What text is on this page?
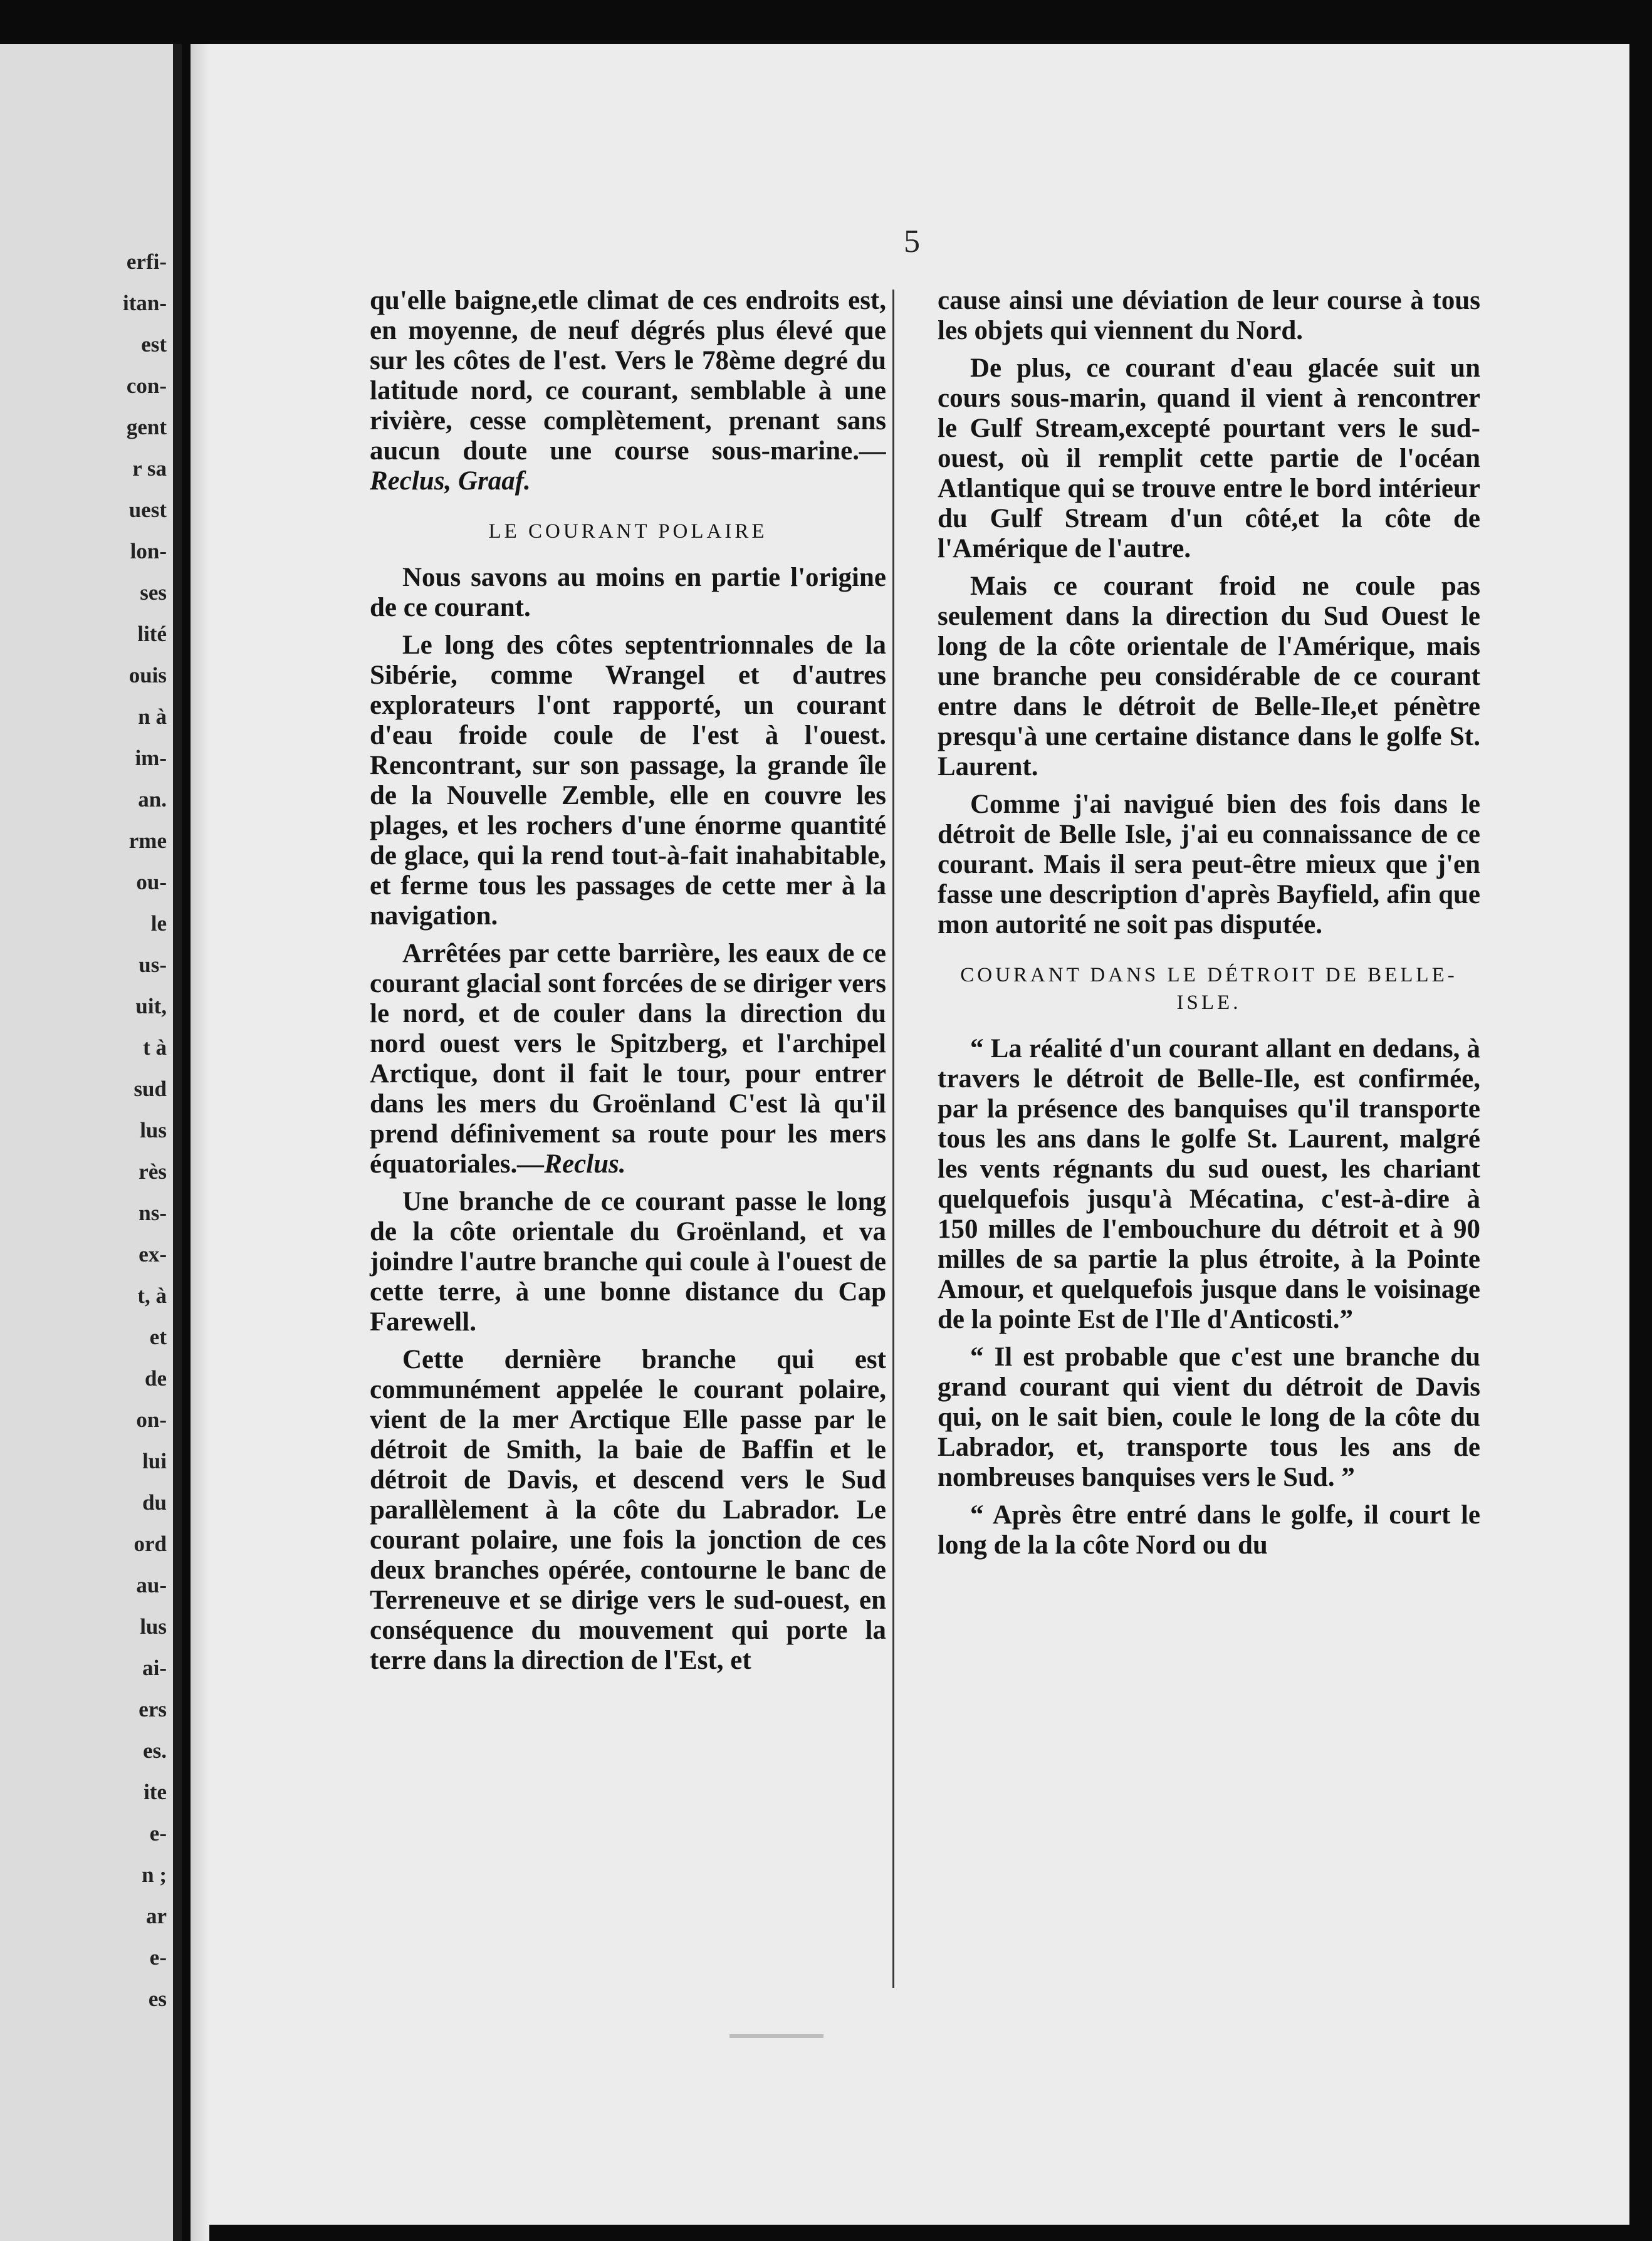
erfi-
itan-
est
con-
gent
r sa
uest
lon-
ses
lité
ouis
n à
im-
an.
rme
ou-
le
us-
uit,
t à
sud
lus
rès
ns-
ex-
t, à
et
de
on-
lui
du
ord
au-
lus
ai-
ers
es.
ite
e-
n ;
ar
e-
es
5

qu'elle baigne,etle climat de ces endroits est, en moyenne, de neuf dégrés plus élevé que sur les côtes de l'est. Vers le 78ème degré du latitude nord, ce courant, semblable à une rivière, cesse complètement, prenant sans aucun doute une course sous-marine.—Reclus, Graaf.

LE COURANT POLAIRE

Nous savons au moins en partie l'origine de ce courant.

Le long des côtes septentrionnales de la Sibérie, comme Wrangel et d'autres explorateurs l'ont rapporté, un courant d'eau froide coule de l'est à l'ouest. Rencontrant, sur son passage, la grande île de la Nouvelle Zemble, elle en couvre les plages, et les rochers d'une énorme quantité de glace, qui la rend tout-à-fait inahabitable, et ferme tous les passages de cette mer à la navigation.

Arrêtées par cette barrière, les eaux de ce courant glacial sont forcées de se diriger vers le nord, et de couler dans la direction du nord ouest vers le Spitzberg, et l'archipel Arctique, dont il fait le tour, pour entrer dans les mers du Groënland C'est là qu'il prend définivement sa route pour les mers équatoriales.—Reclus.

Une branche de ce courant passe le long de la côte orientale du Groënland, et va joindre l'autre branche qui coule à l'ouest de cette terre, à une bonne distance du Cap Farewell.

Cette dernière branche qui est communément appelée le courant polaire, vient de la mer Arctique Elle passe par le détroit de Smith, la baie de Baffin et le détroit de Davis, et descend vers le Sud parallèlement à la côte du Labrador. Le courant polaire, une fois la jonction de ces deux branches opérée, contourne le banc de Terreneuve et se dirige vers le sud-ouest, en conséquence du mouvement qui porte la terre dans la direction de l'Est, et

cause ainsi une déviation de leur course à tous les objets qui viennent du Nord.

De plus, ce courant d'eau glacée suit un cours sous-marin, quand il vient à rencontrer le Gulf Stream,excepté pourtant vers le sud-ouest, où il remplit cette partie de l'océan Atlantique qui se trouve entre le bord intérieur du Gulf Stream d'un côté,et la côte de l'Amérique de l'autre.

Mais ce courant froid ne coule pas seulement dans la direction du Sud Ouest le long de la côte orientale de l'Amérique, mais une branche peu considérable de ce courant entre dans le détroit de Belle-Ile,et pénètre presqu'à une certaine distance dans le golfe St. Laurent.

Comme j'ai navigué bien des fois dans le détroit de Belle Isle, j'ai eu connaissance de ce courant. Mais il sera peut-être mieux que j'en fasse une description d'après Bayfield, afin que mon autorité ne soit pas disputée.

COURANT DANS LE DÉTROIT DE BELLE-ISLE.

“ La réalité d'un courant allant en dedans, à travers le détroit de Belle-Ile, est confirmée, par la présence des banquises qu'il transporte tous les ans dans le golfe St. Laurent, malgré les vents régnants du sud ouest, les chariant quelquefois jusqu'à Mécatina, c'est-à-dire à 150 milles de l'embouchure du détroit et à 90 milles de sa partie la plus étroite, à la Pointe Amour, et quelquefois jusque dans le voisinage de la pointe Est de l'Ile d'Anticosti.”

“ Il est probable que c'est une branche du grand courant qui vient du détroit de Davis qui, on le sait bien, coule le long de la côte du Labrador, et, transporte tous les ans de nombreuses banquises vers le Sud. ”

“ Après être entré dans le golfe, il court le long de la la côte Nord ou du
